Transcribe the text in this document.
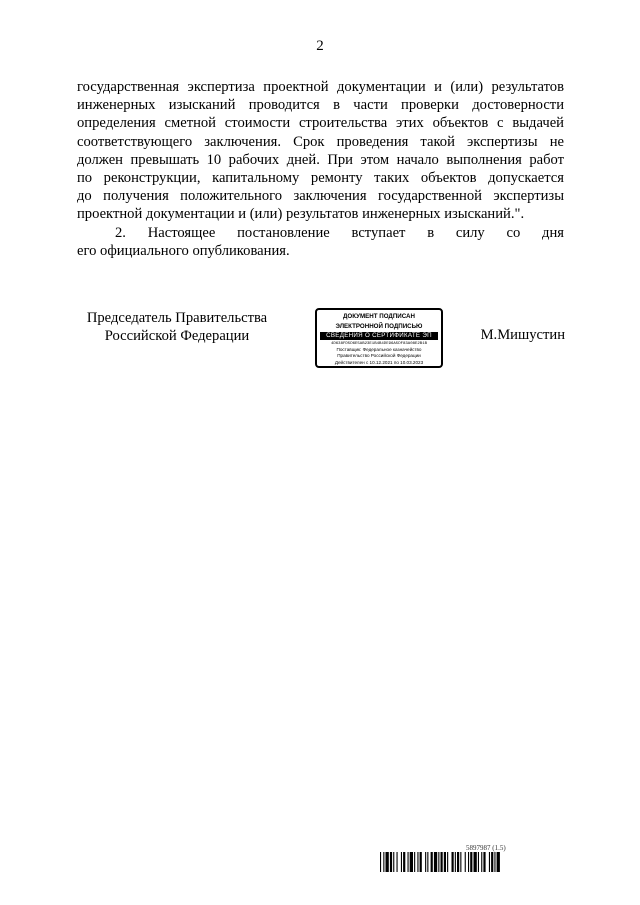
2

государственная экспертиза проектной документации и (или) результатов
инженерных изысканий проводится в части проверки достоверности
определения сметной стоимости строительства этих объектов с выдачей
соответствующего заключения. Срок проведения такой экспертизы не
должен превышать 10 рабочих дней. При этом начало выполнения работ
по реконструкции, капитальному ремонту таких объектов допускается
до получения положительного заключения государственной экспертизы
проектной документации и (или) результатов инженерных изысканий.".

2. Настоящее постановление вступает в силу со дня
его официального опубликования.

Председатель Правительства
Российской Федерации
ДОКУМЕНТ ПОДПИСАН
ЭЛЕКТРОННОЙ ПОДПИСЬЮ
СВЕДЕНИЯ О СЕРТИФИКАТЕ ЭП
4D638FD5D6E5AB23E1B4B4DE96A5DF83A08E2B1B
Поставщик: Федеральное казначейство
Правительство Российской Федерации
Действителен с 10.12.2021 по 10.03.2023
М.Мишустин
5897987 (1.5)
